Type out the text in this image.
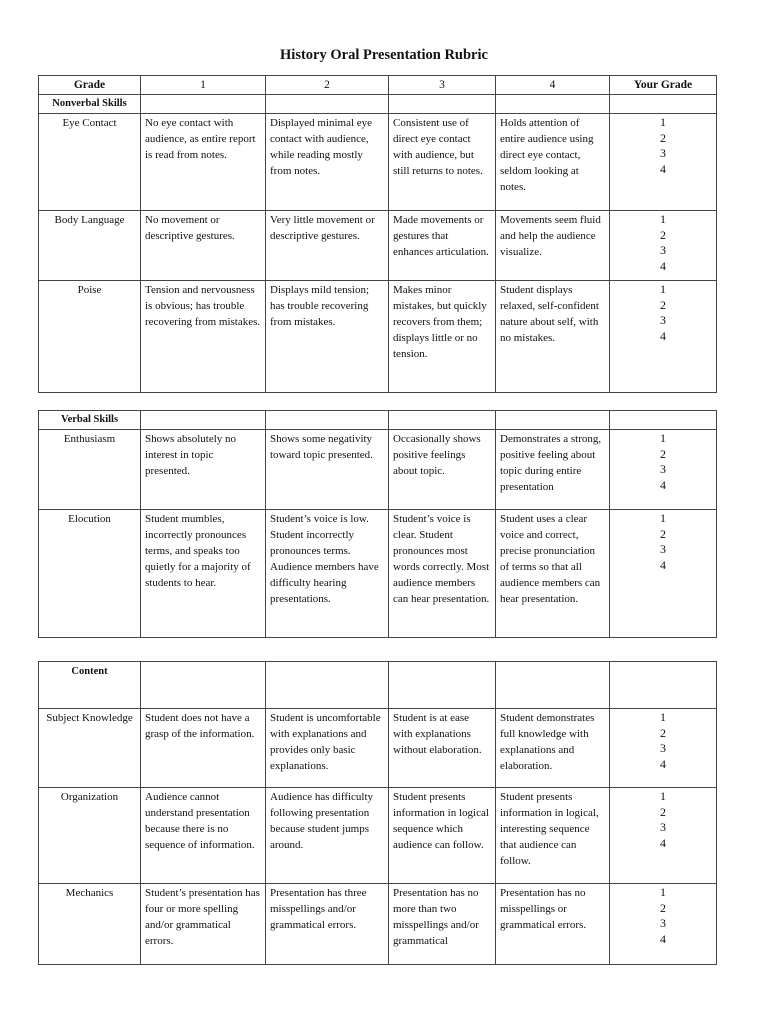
History Oral Presentation Rubric
Grade	1	2	3	4	Your Grade
Nonverbal Skills					
Eye Contact	No eye contact with audience, as entire report is read from notes.	Displayed minimal eye contact with audience, while reading mostly from notes.	Consistent use of direct eye contact with audience, but still returns to notes.	Holds attention of entire audience using direct eye contact, seldom looking at notes.	1
2
3
4

Body Language	No movement or descriptive gestures.	Very little movement or descriptive gestures.	Made movements or gestures that enhances articulation.	Movements seem fluid and help the audience visualize.	1
2
3
4

Poise	Tension and nervousness is obvious; has trouble recovering from mistakes.	Displays mild tension; has trouble recovering from mistakes.	Makes minor mistakes, but quickly recovers from them; displays little or no tension.	Student displays relaxed, self-confident nature about self, with no mistakes.	1
2
3
4
Verbal Skills					
Enthusiasm	Shows absolutely no interest in topic presented.	Shows some negativity toward topic presented.	Occasionally shows positive feelings about topic.	Demonstrates a strong, positive feeling about topic during entire presentation	1
2
3
4

Elocution	Student mumbles, incorrectly pronounces terms, and speaks too quietly for a majority of students to hear.	Student’s voice is low. Student incorrectly pronounces terms. Audience members have difficulty hearing presentations.	Student’s voice is clear. Student pronounces most words correctly. Most audience members can hear presentation.	Student uses a clear voice and correct, precise pronunciation of terms so that all audience members can hear presentation.	1
2
3
4
Content					
Subject Knowledge	Student does not have a grasp of the information.	Student is uncomfortable with explanations and provides only basic explanations.	Student is at ease with explanations without elaboration.	Student demonstrates full knowledge with explanations and elaboration.	1
2
3
4

Organization	Audience cannot understand presentation because there is no sequence of information.	Audience has difficulty following presentation because student jumps around.	Student presents information in logical sequence which audience can follow.	Student presents information in logical, interesting sequence that audience can follow.	1
2
3
4

Mechanics	Student’s presentation has four or more spelling and/or grammatical errors.	Presentation has three misspellings and/or grammatical errors.	Presentation has no more than two misspellings and/or grammatical	Presentation has no misspellings or grammatical errors.	1
2
3
4
